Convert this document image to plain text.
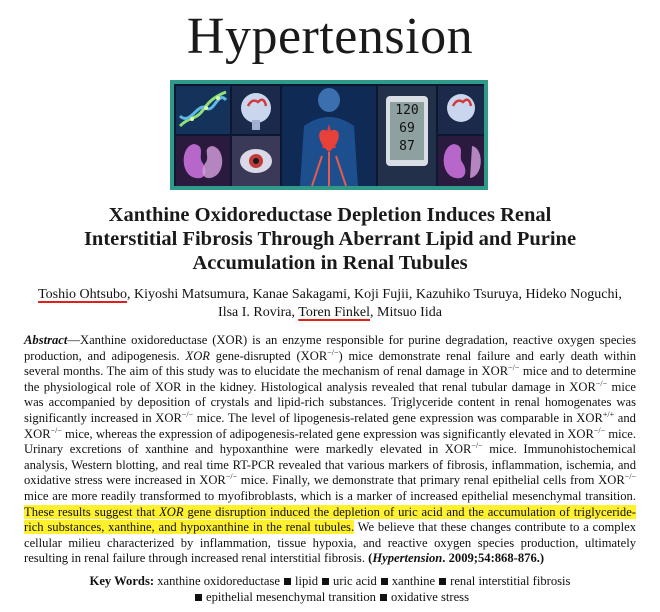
Hypertension
120
69
87
Xanthine Oxidoreductase Depletion Induces Renal
Interstitial Fibrosis Through Aberrant Lipid and Purine
Accumulation in Renal Tubules
Toshio Ohtsubo, Kiyoshi Matsumura, Kanae Sakagami, Koji Fujii, Kazuhiko Tsuruya, Hideko Noguchi,
Ilsa I. Rovira, Toren Finkel, Mitsuo Iida
Abstract—Xanthine oxidoreductase (XOR) is an enzyme responsible for purine degradation, reactive oxygen species production, and adipogenesis. XOR gene-disrupted (XOR−/−) mice demonstrate renal failure and early death within several months. The aim of this study was to elucidate the mechanism of renal damage in XOR−/− mice and to determine the physiological role of XOR in the kidney. Histological analysis revealed that renal tubular damage in XOR−/− mice was accompanied by deposition of crystals and lipid-rich substances. Triglyceride content in renal homogenates was significantly increased in XOR−/− mice. The level of lipogenesis-related gene expression was comparable in XOR+/+ and XOR−/− mice, whereas the expression of adipogenesis-related gene expression was significantly elevated in XOR−/− mice. Urinary excretions of xanthine and hypoxanthine were markedly elevated in XOR−/− mice. Immunohistochemical analysis, Western blotting, and real time RT-PCR revealed that various markers of fibrosis, inflammation, ischemia, and oxidative stress were increased in XOR−/− mice. Finally, we demonstrate that primary renal epithelial cells from XOR−/− mice are more readily transformed to myofibroblasts, which is a marker of increased epithelial mesenchymal transition. These results suggest that XOR gene disruption induced the depletion of uric acid and the accumulation of triglyceride-rich substances, xanthine, and hypoxanthine in the renal tubules. We believe that these changes contribute to a complex cellular milieu characterized by inflammation, tissue hypoxia, and reactive oxygen species production, ultimately resulting in renal failure through increased renal interstitial fibrosis. (Hypertension. 2009;54:868-876.)
Key Words: xanthine oxidoreductase lipid uric acid xanthine renal interstitial fibrosis
epithelial mesenchymal transition oxidative stress
